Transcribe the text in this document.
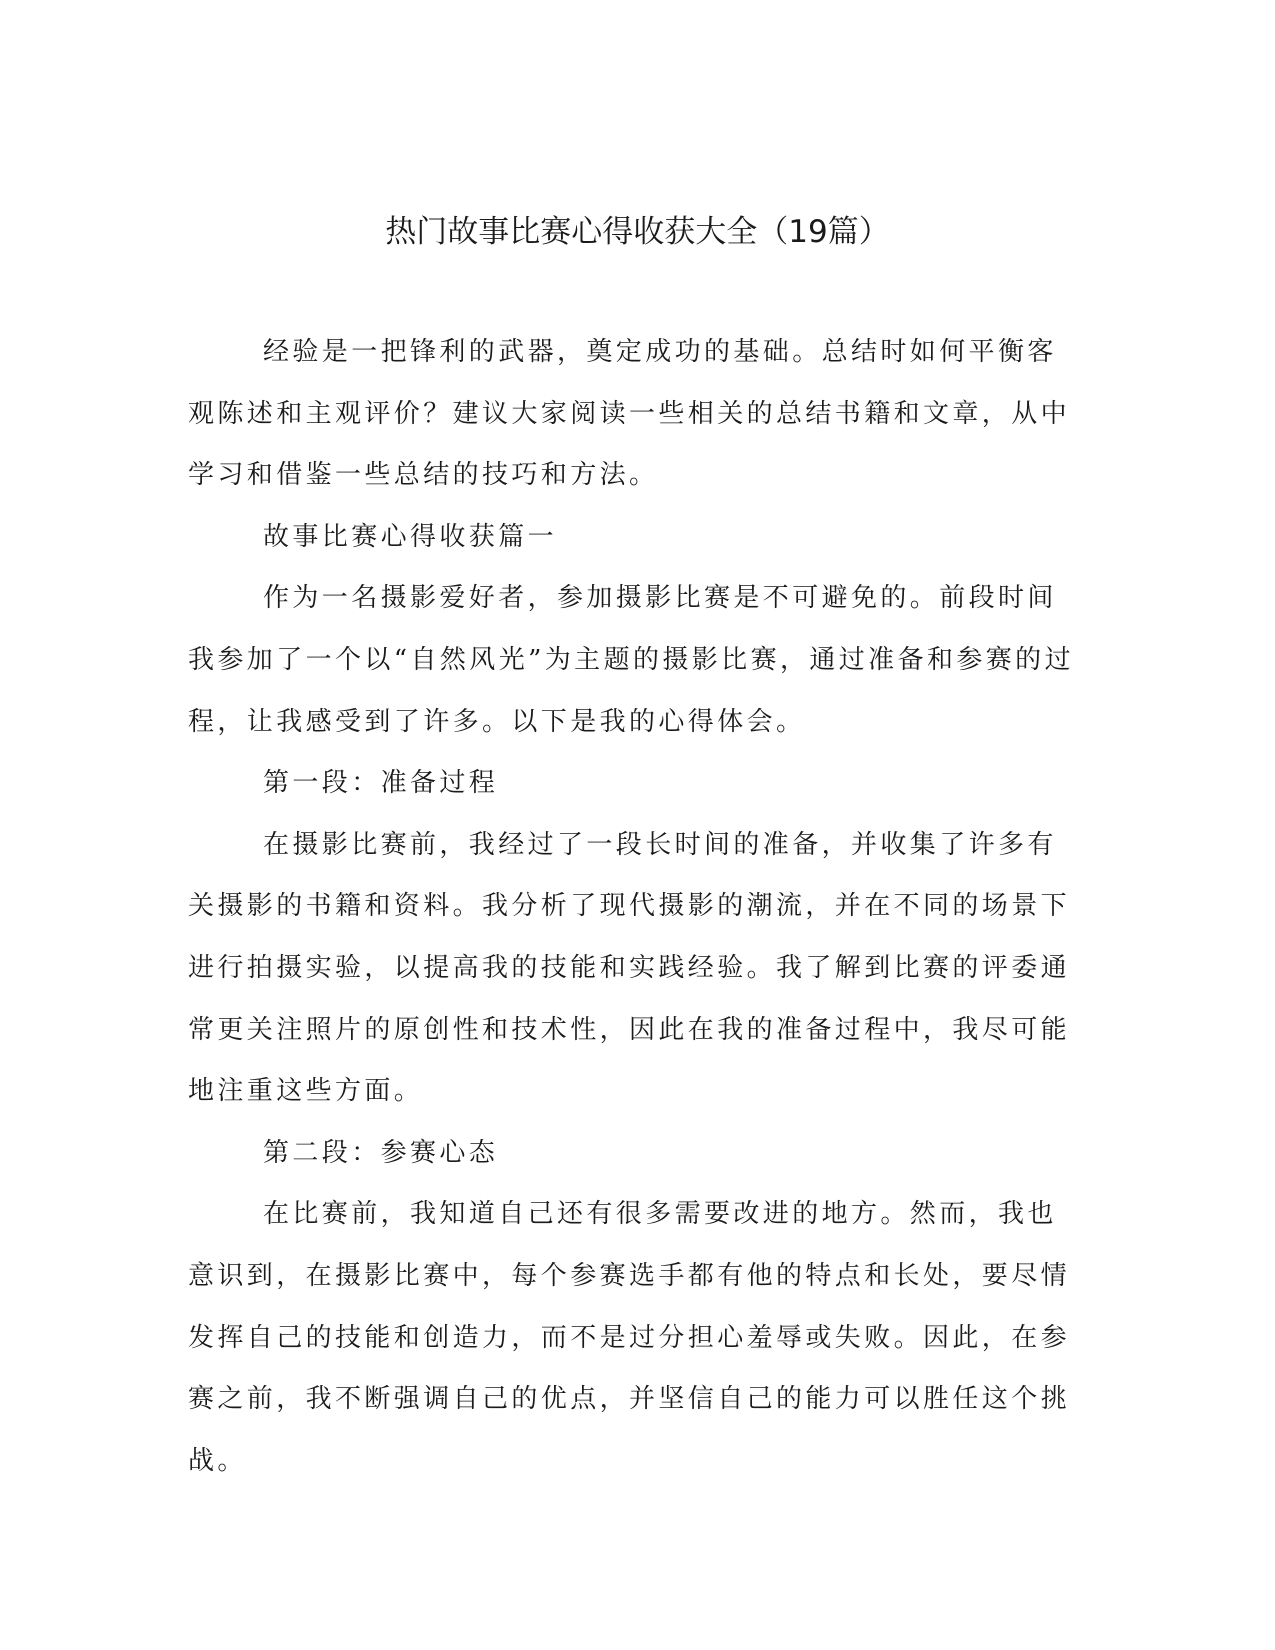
热门故事比赛心得收获大全（19篇）

经验是一把锋利的武器，奠定成功的基础。总结时如何平衡客观陈述和主观评价？建议大家阅读一些相关的总结书籍和文章，从中学习和借鉴一些总结的技巧和方法。

故事比赛心得收获篇一

作为一名摄影爱好者，参加摄影比赛是不可避免的。前段时间我参加了一个以“自然风光”为主题的摄影比赛，通过准备和参赛的过程，让我感受到了许多。以下是我的心得体会。

第一段：准备过程

在摄影比赛前，我经过了一段长时间的准备，并收集了许多有关摄影的书籍和资料。我分析了现代摄影的潮流，并在不同的场景下进行拍摄实验，以提高我的技能和实践经验。我了解到比赛的评委通常更关注照片的原创性和技术性，因此在我的准备过程中，我尽可能地注重这些方面。

第二段：参赛心态

在比赛前，我知道自己还有很多需要改进的地方。然而，我也意识到，在摄影比赛中，每个参赛选手都有他的特点和长处，要尽情发挥自己的技能和创造力，而不是过分担心羞辱或失败。因此，在参赛之前，我不断强调自己的优点，并坚信自己的能力可以胜任这个挑战。
